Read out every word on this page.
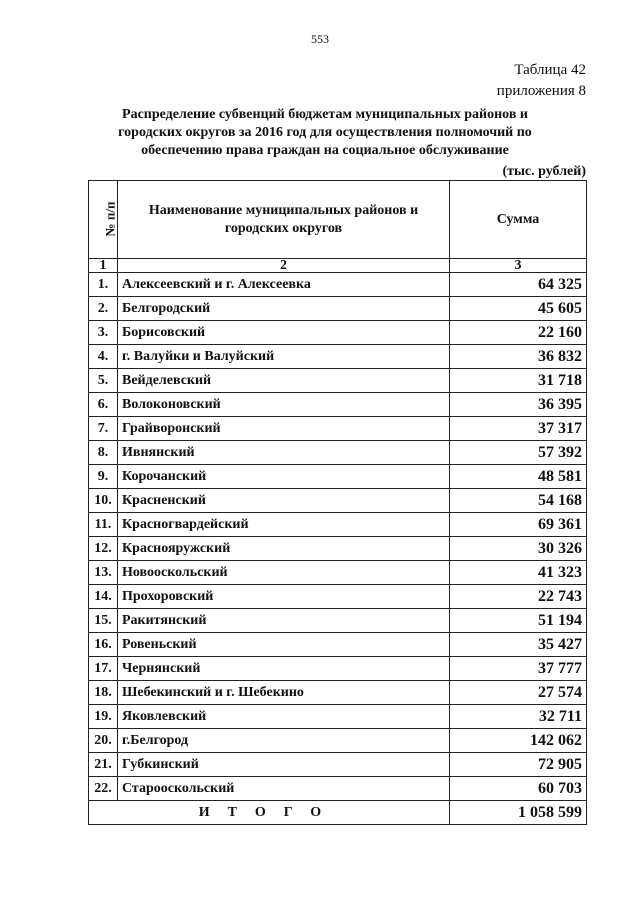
553
Таблица 42
приложения 8
Распределение субвенций бюджетам муниципальных районов и городских округов за 2016 год для осуществления полномочий по обеспечению права граждан на социальное обслуживание
(тыс. рублей)
№ п/п	Наименование муниципальных районов и городских округов	Сумма
1	2	3
1.	Алексеевский и г. Алексеевка	64 325
2.	Белгородский	45 605
3.	Борисовский	22 160
4.	г. Валуйки и Валуйский	36 832
5.	Вейделевский	31 718
6.	Волоконовский	36 395
7.	Грайворонский	37 317
8.	Ивнянский	57 392
9.	Корочанский	48 581
10.	Красненский	54 168
11.	Красногвардейский	69 361
12.	Краснояружский	30 326
13.	Новооскольский	41 323
14.	Прохоровский	22 743
15.	Ракитянский	51 194
16.	Ровеньский	35 427
17.	Чернянский	37 777
18.	Шебекинский и г. Шебекино	27 574
19.	Яковлевский	32 711
20.	г.Белгород	142 062
21.	Губкинский	72 905
22.	Старооскольский	60 703
ИТОГО		1 058 599
